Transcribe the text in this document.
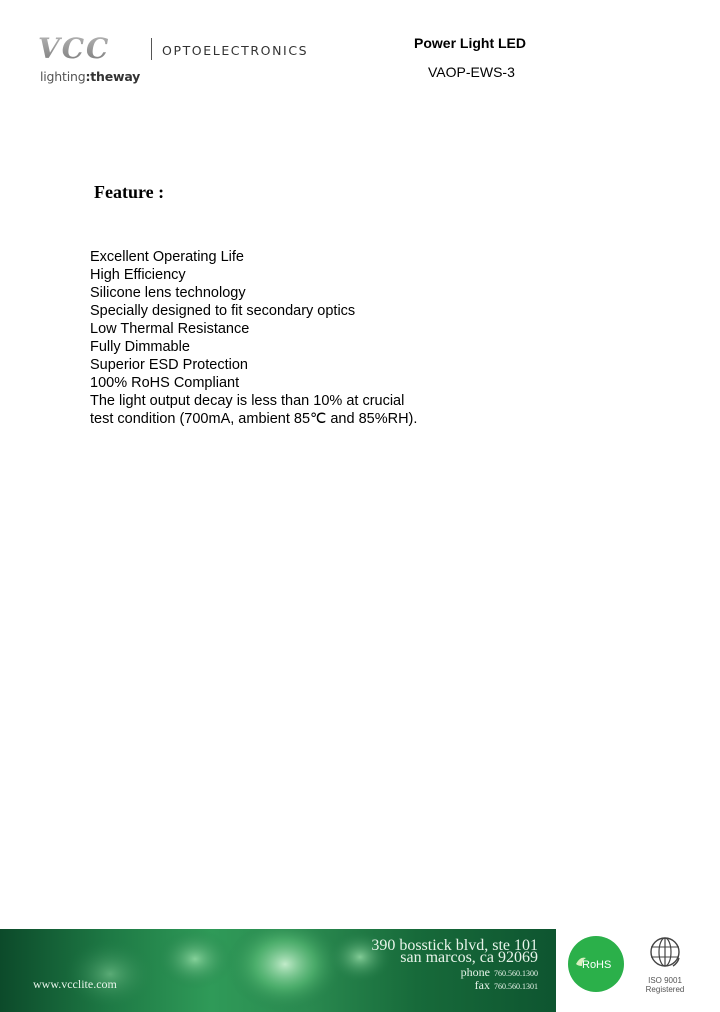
VCC	OPTOELECTRONICS
lighting:theway
Power Light LED
VAOP-EWS-3
Feature :
Excellent Operating Life
High Efficiency
Silicone lens technology
Specially designed to fit secondary optics
Low Thermal Resistance
Fully Dimmable
Superior ESD Protection
100% RoHS Compliant
The light output decay is less than 10% at crucial
test condition (700mA, ambient 85℃ and 85%RH).
www.vcclite.com
390 bosstick blvd, ste 101
san marcos, ca 92069
phone 760.560.1300
fax 760.560.1301
RoHS
ISO 9001
Registered
